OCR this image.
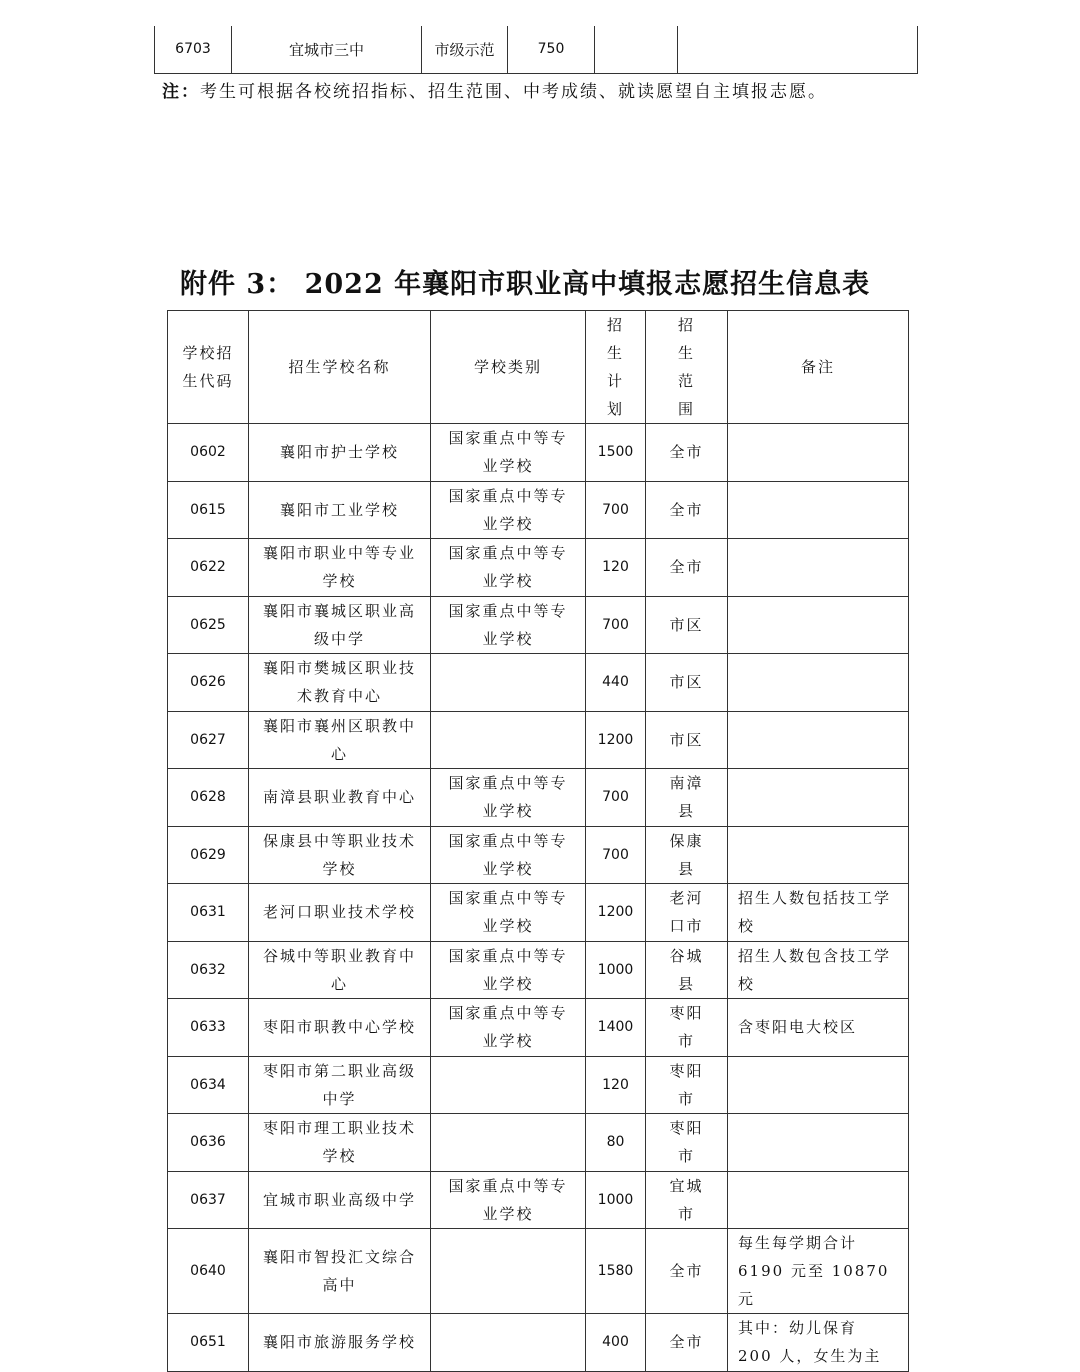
6703	宜城市三中	市级示范	750		
注：考生可根据各校统招指标、招生范围、中考成绩、就读愿望自主填报志愿。
附件 3： 2022 年襄阳市职业高中填报志愿招生信息表
学校招生代码	招生学校名称	学校类别	招生计划	招生范围	备注
0602	襄阳市护士学校	国家重点中等专业学校	1500	全市	
0615	襄阳市工业学校	国家重点中等专业学校	700	全市	
0622	襄阳市职业中等专业学校	国家重点中等专业学校	120	全市	
0625	襄阳市襄城区职业高级中学	国家重点中等专业学校	700	市区	
0626	襄阳市樊城区职业技术教育中心		440	市区	
0627	襄阳市襄州区职教中心		1200	市区	
0628	南漳县职业教育中心	国家重点中等专业学校	700	南漳县	
0629	保康县中等职业技术学校	国家重点中等专业学校	700	保康县	
0631	老河口职业技术学校	国家重点中等专业学校	1200	老河口市	招生人数包括技工学校
0632	谷城中等职业教育中心	国家重点中等专业学校	1000	谷城县	招生人数包含技工学校
0633	枣阳市职教中心学校	国家重点中等专业学校	1400	枣阳市	含枣阳电大校区
0634	枣阳市第二职业高级中学		120	枣阳市	
0636	枣阳市理工职业技术学校		80	枣阳市	
0637	宜城市职业高级中学	国家重点中等专业学校	1000	宜城市	
0640	襄阳市智投汇文综合高中		1580	全市	每生每学期合计 6190 元至 10870 元
0651	襄阳市旅游服务学校		400	全市	其中：幼儿保育 200 人，女生为主
